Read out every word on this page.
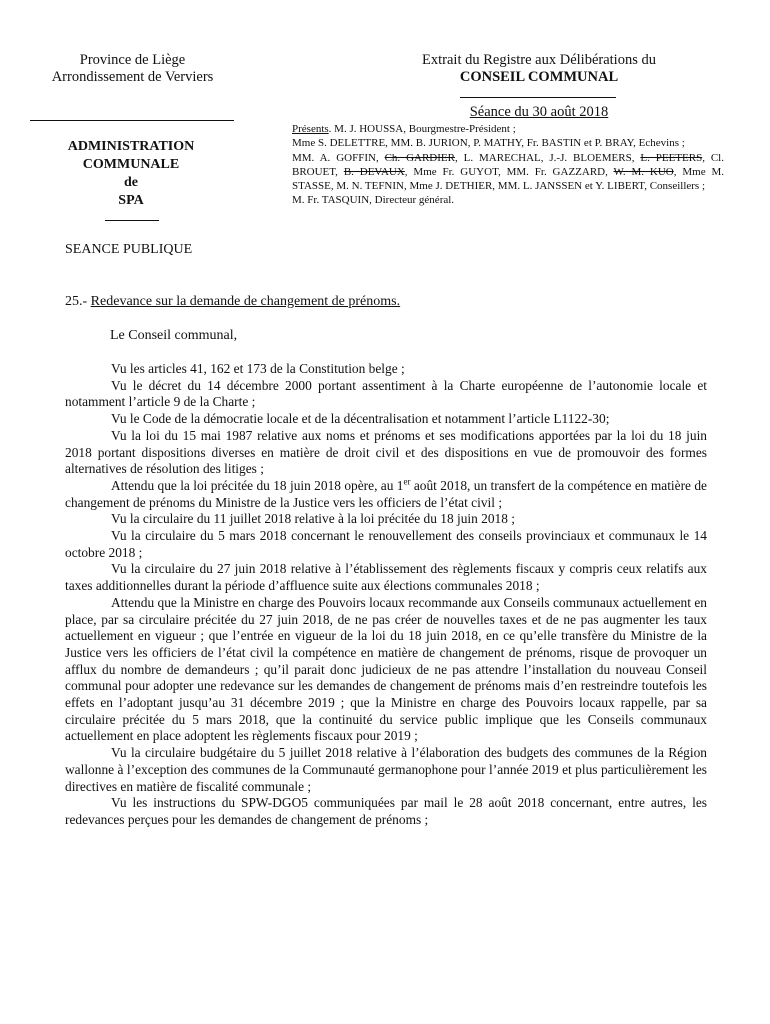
Province de Liège
Arrondissement de Verviers
Extrait du Registre aux Délibérations du
CONSEIL COMMUNAL
Séance du 30 août 2018
ADMINISTRATION
COMMUNALE
de
SPA

Présents. M. J. HOUSSA, Bourgmestre-Président ;

Mme S. DELETTRE, MM. B. JURION, P. MATHY, Fr. BASTIN et P. BRAY, Echevins ;

MM. A. GOFFIN, Ch. GARDIER, L. MARECHAL, J.-J. BLOEMERS, L. PEETERS, Cl. BROUET, B. DEVAUX, Mme Fr. GUYOT, MM. Fr. GAZZARD, W. M. KUO, Mme M. STASSE, M. N. TEFNIN, Mme J. DETHIER, MM. L. JANSSEN et Y. LIBERT, Conseillers ;

M. Fr. TASQUIN, Directeur général.

SEANCE PUBLIQUE
25.- Redevance sur la demande de changement de prénoms.
Le Conseil communal,

Vu les articles 41, 162 et 173 de la Constitution belge ;

Vu le décret du 14 décembre 2000 portant assentiment à la Charte européenne de l’autonomie locale et notamment l’article 9 de la Charte ;

Vu le Code de la démocratie locale et de la décentralisation et notamment l’article L1122-30;

Vu la loi du 15 mai 1987 relative aux noms et prénoms et ses modifications apportées par la loi du 18 juin 2018 portant dispositions diverses en matière de droit civil et des dispositions en vue de promouvoir des formes alternatives de résolution des litiges ;

Attendu que la loi précitée du 18 juin 2018 opère, au 1er août 2018, un transfert de la compétence en matière de changement de prénoms du Ministre de la Justice vers les officiers de l’état civil ;

Vu la circulaire du 11 juillet 2018 relative à la loi précitée du 18 juin 2018 ;

Vu la circulaire du 5 mars 2018 concernant le renouvellement des conseils provinciaux et communaux le 14 octobre 2018 ;

Vu la circulaire du 27 juin 2018 relative à l’établissement des règlements fiscaux y compris ceux relatifs aux taxes additionnelles durant la période d’affluence suite aux élections communales 2018 ;

Attendu que la Ministre en charge des Pouvoirs locaux recommande aux Conseils communaux actuellement en place, par sa circulaire précitée du 27 juin 2018, de ne pas créer de nouvelles taxes et de ne pas augmenter les taux actuellement en vigueur ; que l’entrée en vigueur de la loi du 18 juin 2018, en ce qu’elle transfère du Ministre de la Justice vers les officiers de l’état civil la compétence en matière de changement de prénoms, risque de provoquer un afflux du nombre de demandeurs ; qu’il parait donc judicieux de ne pas attendre l’installation du nouveau Conseil communal pour adopter une redevance sur les demandes de changement de prénoms mais d’en restreindre toutefois les effets en l’adoptant jusqu’au 31 décembre 2019 ; que la Ministre en charge des Pouvoirs locaux rappelle, par sa circulaire précitée du 5 mars 2018, que la continuité du service public implique que les Conseils communaux actuellement en place adoptent les règlements fiscaux pour 2019 ;

Vu la circulaire budgétaire du 5 juillet 2018 relative à l’élaboration des budgets des communes de la Région wallonne à l’exception des communes de la Communauté germanophone pour l’année 2019 et plus particulièrement les directives en matière de fiscalité communale ;

Vu les instructions du SPW-DGO5 communiquées par mail le 28 août 2018 concernant, entre autres, les redevances perçues pour les demandes de changement de prénoms ;
